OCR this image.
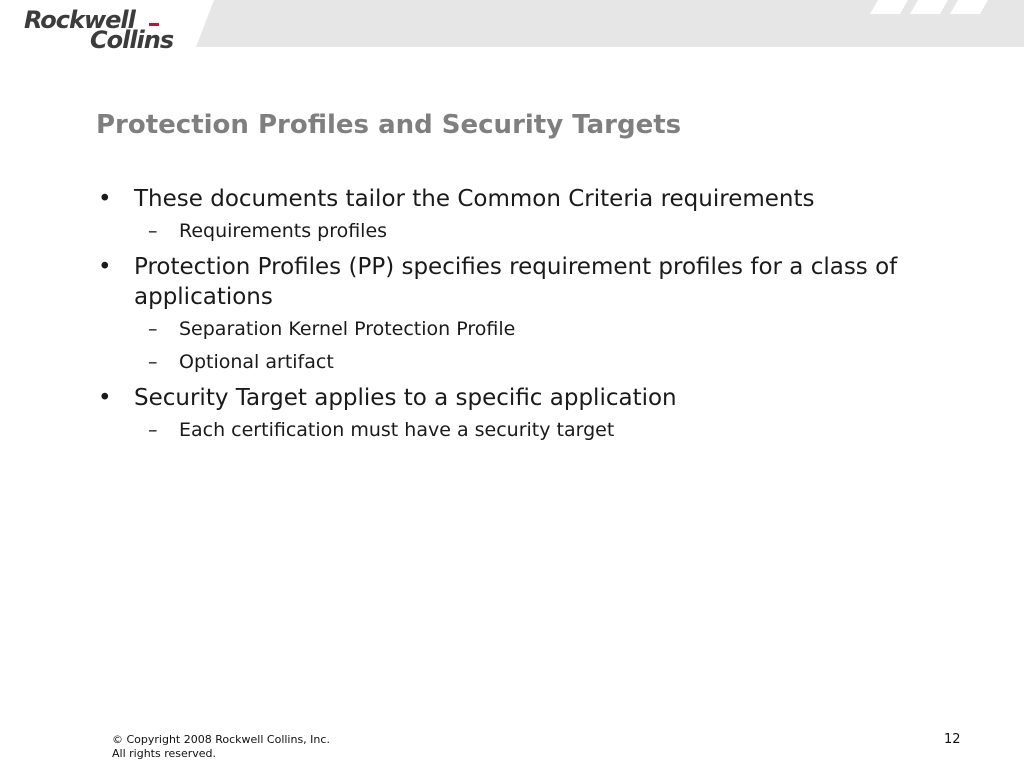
Rockwell
Collins
Protection Profiles and Security Targets
• These documents tailor the Common Criteria requirements
– Requirements profiles
• Protection Profiles (PP) specifies requirement profiles for a class of applications
– Separation Kernel Protection Profile
– Optional artifact
• Security Target applies to a specific application
– Each certification must have a security target
© Copyright 2008 Rockwell Collins, Inc.
All rights reserved.
12
